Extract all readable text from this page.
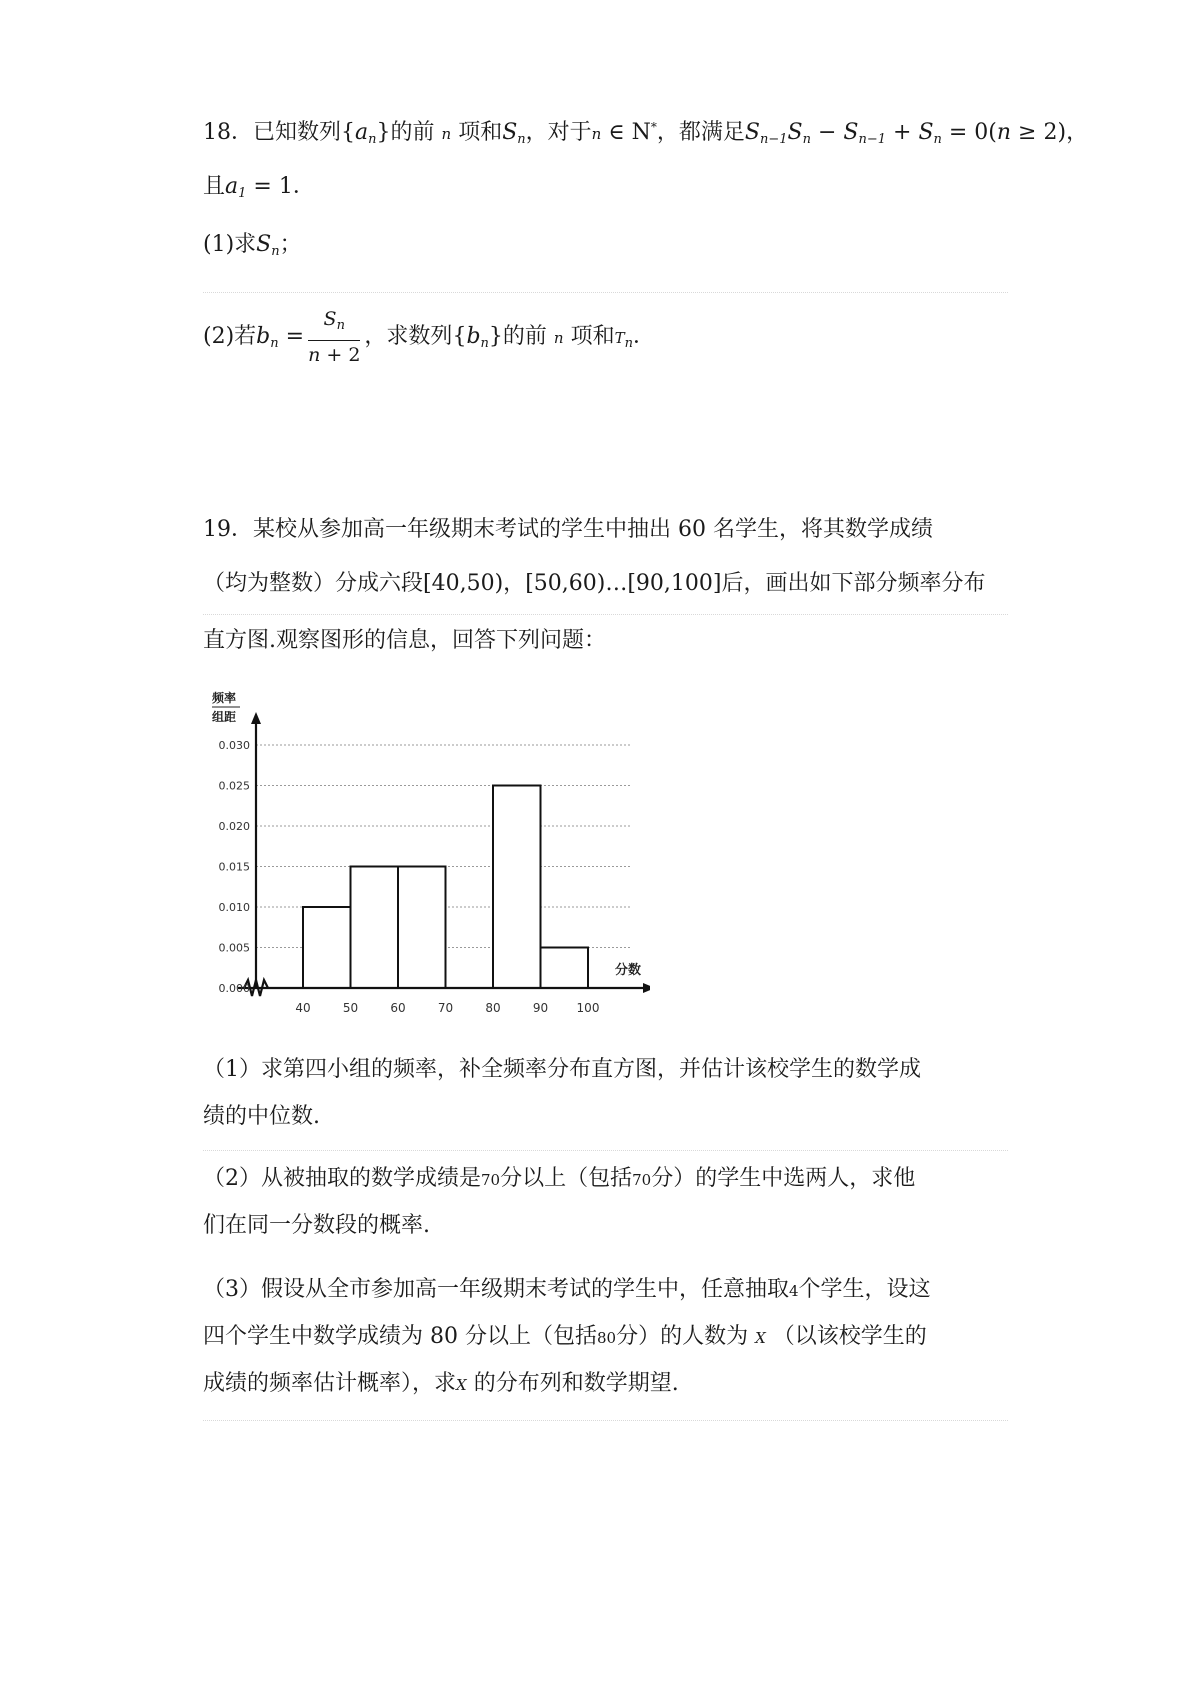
18．已知数列$\{a_n\}$的前 n 项和$S_n$，对于n ∈ N*，都满足$S_{n-1}S_n - S_{n-1} + S_n = 0(n \ge 2)$，
且$a_1 = 1$．
(1)求$S_n$；
(2)若$b_n = \frac{S_n}{n + 2}$ ，求数列$\{b_n\}$的前 n 项和$T_n$．
19．某校从参加高一年级期末考试的学生中抽出 60 名学生，将其数学成绩
（均为整数）分成六段[40,50)，[50,60)…[90,100]后，画出如下部分频率分布
直方图.观察图形的信息，回答下列问题：
0.000
0.005
0.010
0.015
0.020
0.025
0.030
40	50	60	70	80	90 100
频率
组距
分数
（1）求第四小组的频率，补全频率分布直方图，并估计该校学生的数学成
绩的中位数.
（2）从被抽取的数学成绩是70分以上（包括70分）的学生中选两人，求他
们在同一分数段的概率.
（3）假设从全市参加高一年级期末考试的学生中，任意抽取4个学生，设这
四个学生中数学成绩为 80 分以上（包括80分）的人数为 X （以该校学生的
成绩的频率估计概率），求X 的分布列和数学期望.
